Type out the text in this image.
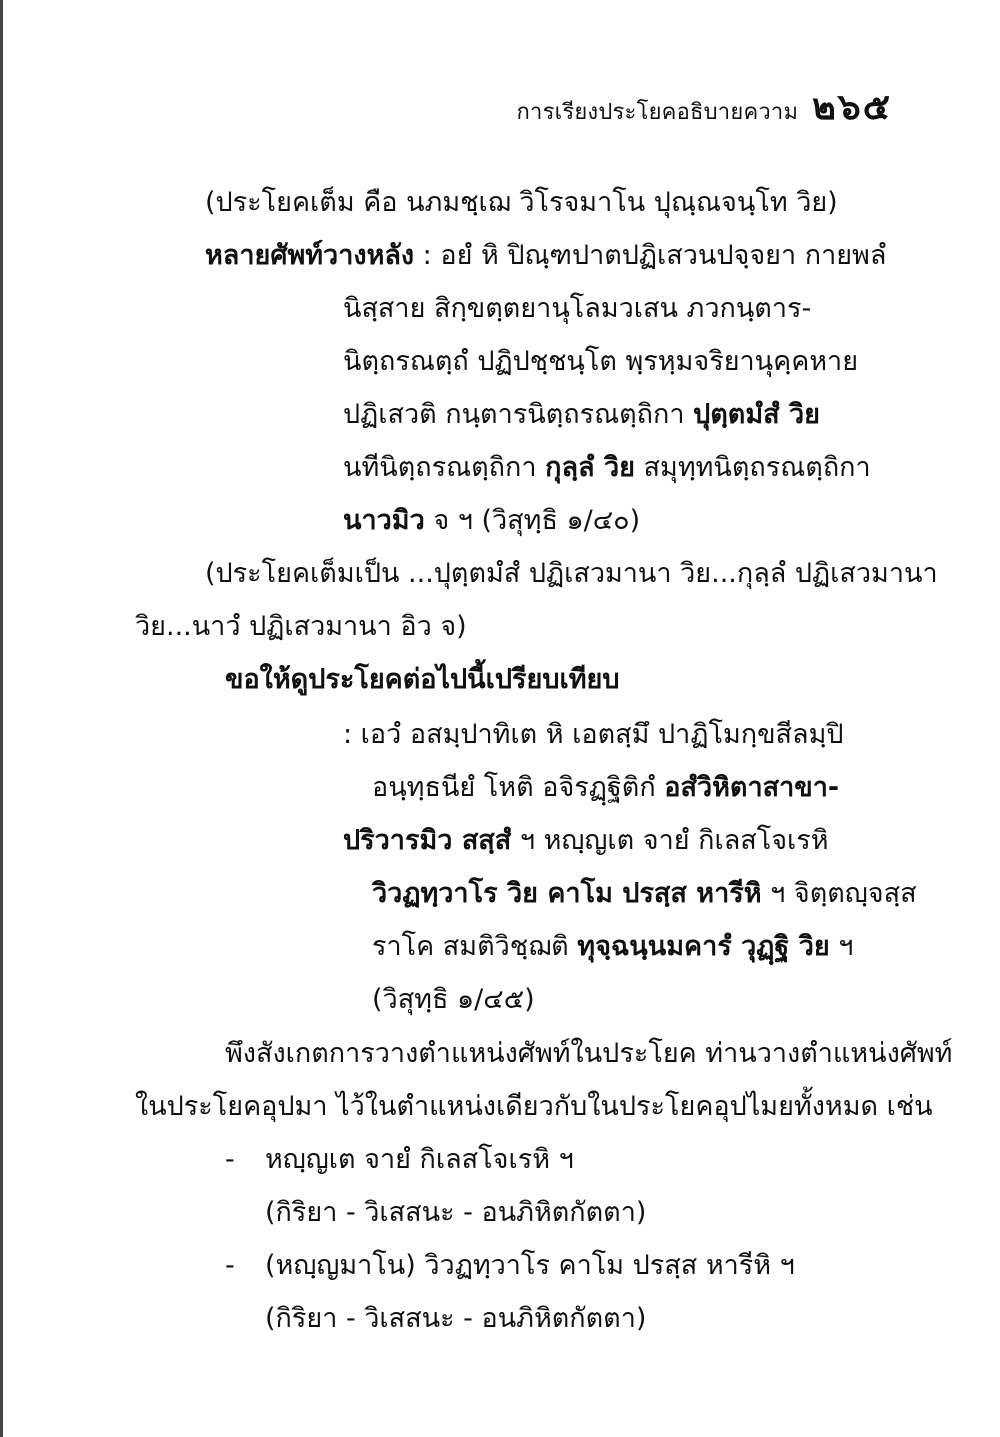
การเรียงประโยคอธิบายความ ๒๖๕
(ประโยคเต็ม คือ นภมชฺเฌ วิโรจมาโน ปุณฺณจนฺโท วิย)
หลายศัพท์วางหลัง : อยํ หิ ปิณฺฑปาตปฏิเสวนปจฺจยา กายพลํ
นิสฺสาย สิกฺขตฺตยานุโลมวเสน ภวกนฺตาร-
นิตฺถรณตฺถํ ปฏิปชฺชนฺโต พฺรหฺมจริยานุคฺคหาย
ปฏิเสวติ กนฺตารนิตฺถรณตฺถิกา ปุตฺตมํสํ วิย
นทีนิตฺถรณตฺถิกา กุลฺลํ วิย สมุทฺทนิตฺถรณตฺถิกา
นาวมิว จ ฯ (วิสุทฺธิ ๑/๔๐)
(ประโยคเต็มเป็น ...ปุตฺตมํสํ ปฏิเสวมานา วิย...กุลฺลํ ปฏิเสวมานา
วิย...นาวํ ปฏิเสวมานา อิว จ)
ขอให้ดูประโยคต่อไปนี้เปรียบเทียบ
: เอวํ อสมฺปาทิเต หิ เอตสฺมึ ปาฏิโมกฺขสีลมฺปิ
อนฺทฺธนียํ โหติ อจิรฏฺฐิติกํ อสํวิหิตาสาขา-
ปริวารมิว สสฺสํ ฯ หญฺญเต จายํ กิเลสโจเรหิ
วิวฏทฺวาโร วิย คาโม ปรสฺส หารีหิ ฯ จิตฺตญฺจสฺส
ราโค สมติวิชฺฌติ ทุจฺฉนฺนมคารํ วุฏฺฐิ วิย ฯ
(วิสุทฺธิ ๑/๔๕)
พึงสังเกตการวางตำแหน่งศัพท์ในประโยค ท่านวางตำแหน่งศัพท์
ในประโยคอุปมา ไว้ในตำแหน่งเดียวกับในประโยคอุปไมยทั้งหมด เช่น
- หญฺญเต จายํ กิเลสโจเรหิ ฯ
(กิริยา - วิเสสนะ - อนภิหิตกัตตา)
- (หญฺญมาโน) วิวฏทฺวาโร คาโม ปรสฺส หารีหิ ฯ
(กิริยา - วิเสสนะ - อนภิหิตกัตตา)
